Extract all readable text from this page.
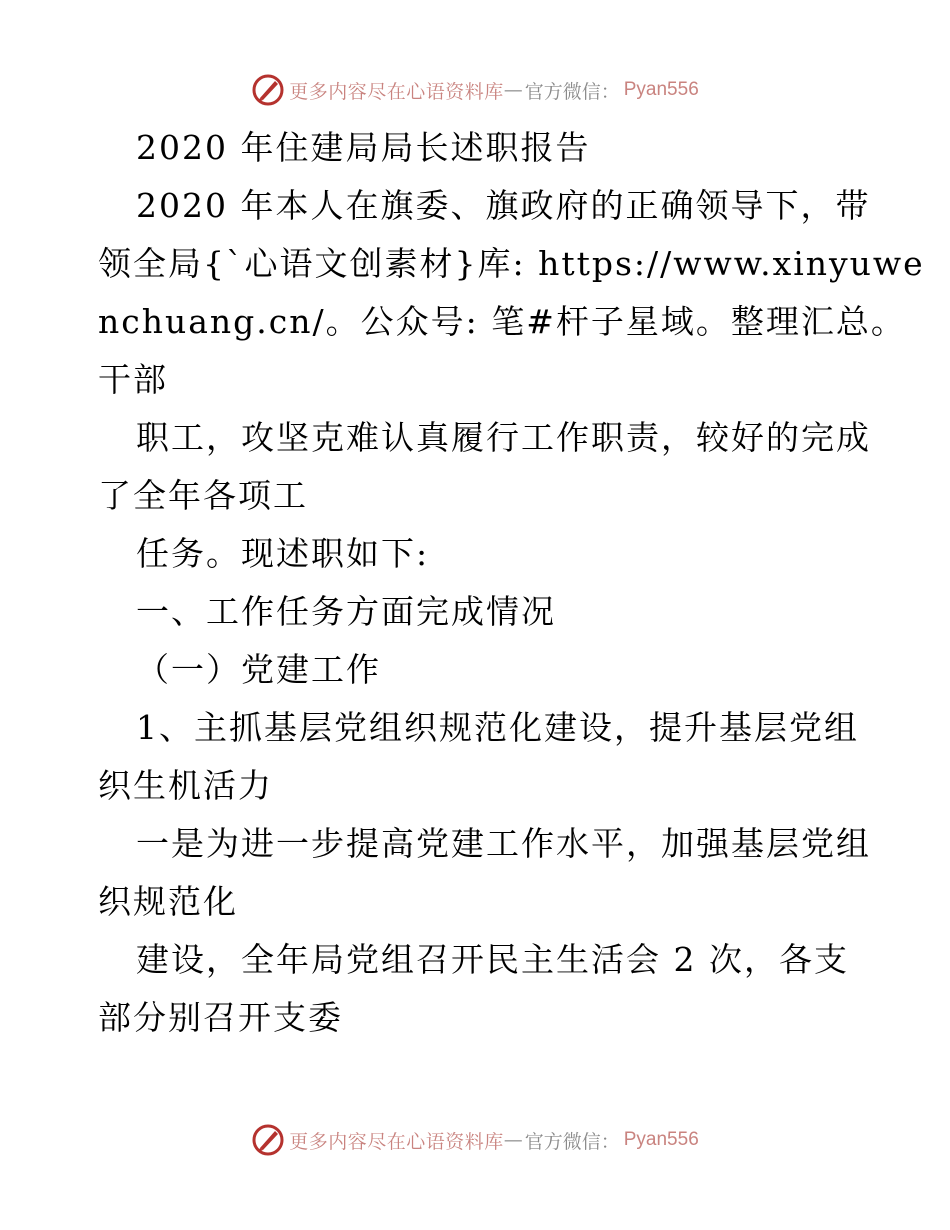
更多内容尽在心语资料库 — 官方微信： Pyan556
2020 年住建局局长述职报告
2020 年本人在旗委、旗政府的正确领导下，带
领全局{`心语文创素材}库: https://www.xinyuwe
nchuang.cn/。公众号: 笔#杆子星域。整理汇总。
干部
职工，攻坚克难认真履行工作职责，较好的完成
了全年各项工
任务。现述职如下:
一、工作任务方面完成情况
（一）党建工作
1、主抓基层党组织规范化建设，提升基层党组
织生机活力
一是为进一步提高党建工作水平，加强基层党组
织规范化
建设，全年局党组召开民主生活会 2 次，各支
部分别召开支委
更多内容尽在心语资料库 — 官方微信： Pyan556
